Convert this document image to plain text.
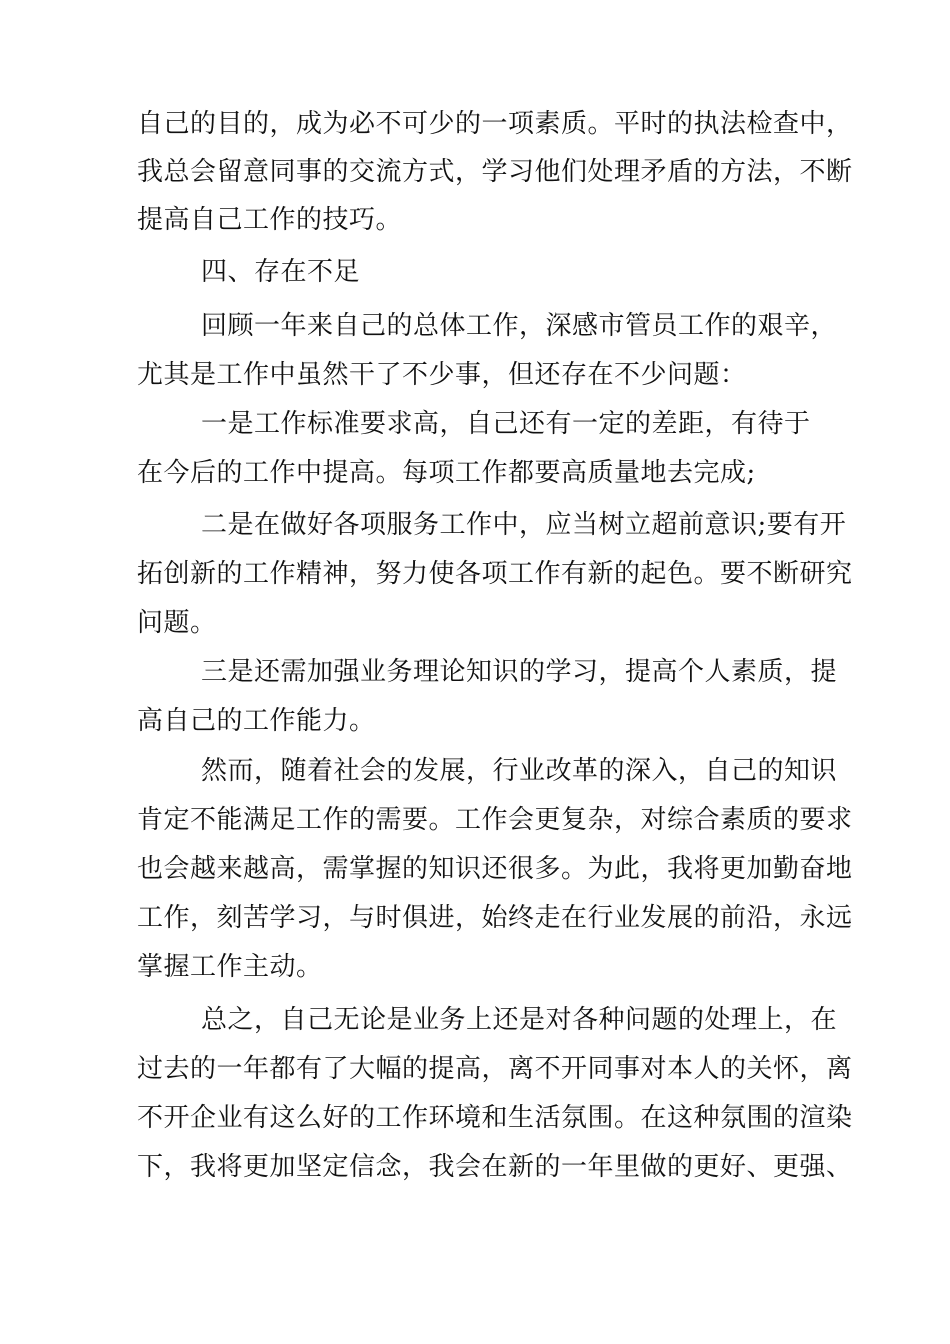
自己的目的，成为必不可少的一项素质。平时的执法检查中，
我总会留意同事的交流方式，学习他们处理矛盾的方法，不断
提高自己工作的技巧。
四、存在不足
回顾一年来自己的总体工作，深感市管员工作的艰辛，
尤其是工作中虽然干了不少事，但还存在不少问题：
一是工作标准要求高，自己还有一定的差距，有待于
在今后的工作中提高。每项工作都要高质量地去完成;
二是在做好各项服务工作中，应当树立超前意识;要有开
拓创新的工作精神，努力使各项工作有新的起色。要不断研究
问题。
三是还需加强业务理论知识的学习，提高个人素质，提
高自己的工作能力。
然而，随着社会的发展，行业改革的深入，自己的知识
肯定不能满足工作的需要。工作会更复杂，对综合素质的要求
也会越来越高，需掌握的知识还很多。为此，我将更加勤奋地
工作，刻苦学习，与时俱进，始终走在行业发展的前沿，永远
掌握工作主动。
总之，自己无论是业务上还是对各种问题的处理上，在
过去的一年都有了大幅的提高，离不开同事对本人的关怀，离
不开企业有这么好的工作环境和生活氛围。在这种氛围的渲染
下，我将更加坚定信念，我会在新的一年里做的更好、更强、
